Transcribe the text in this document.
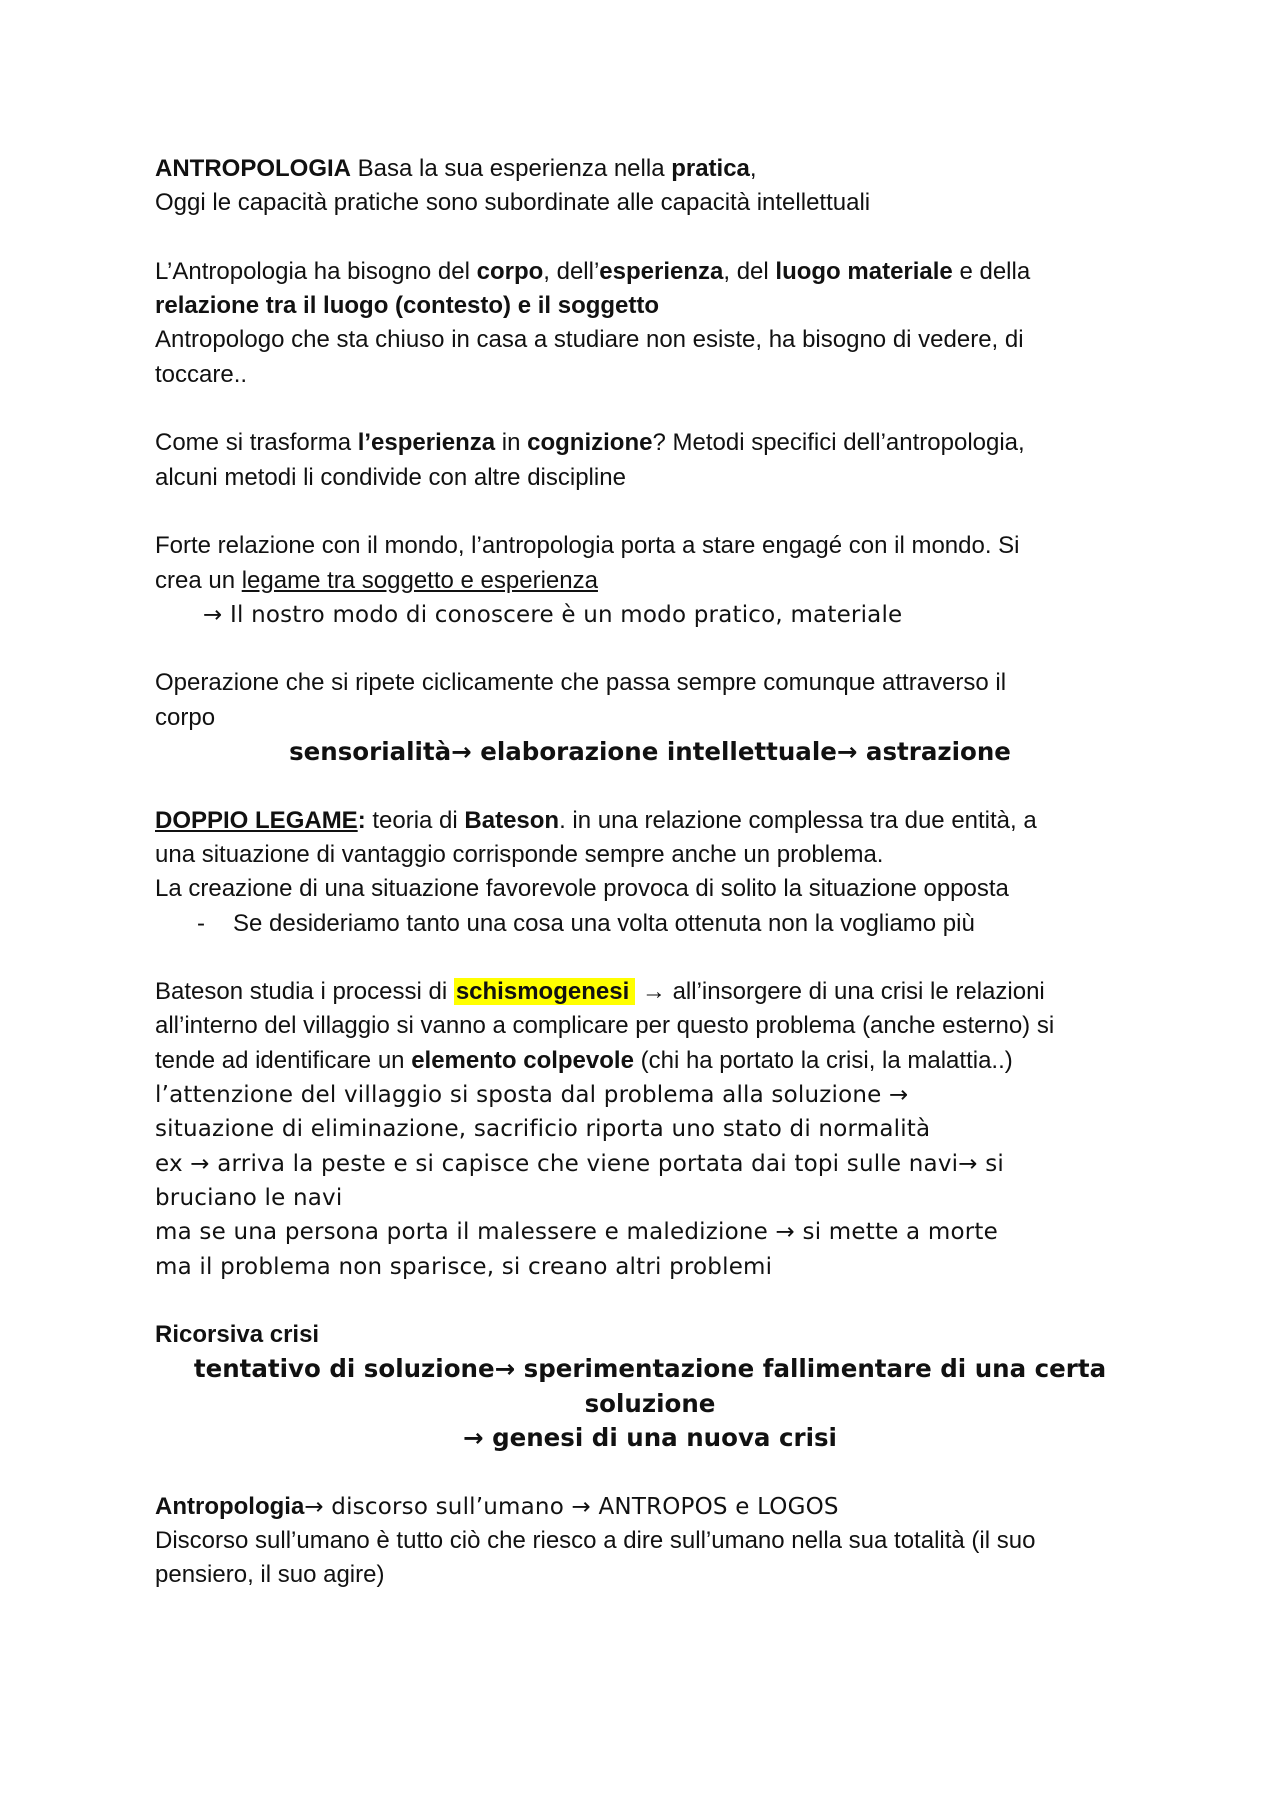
ANTROPOLOGIA Basa la sua esperienza nella pratica,
Oggi le capacità pratiche sono subordinate alle capacità intellettuali
L’Antropologia ha bisogno del corpo, dell’esperienza, del luogo materiale e della
relazione tra il luogo (contesto) e il soggetto
Antropologo che sta chiuso in casa a studiare non esiste, ha bisogno di vedere, di
toccare..
Come si trasforma l’esperienza in cognizione? Metodi specifici dell’antropologia,
alcuni metodi li condivide con altre discipline
Forte relazione con il mondo, l’antropologia porta a stare engagé con il mondo. Si
crea un legame tra soggetto e esperienza
→ Il nostro modo di conoscere è un modo pratico, materiale
Operazione che si ripete ciclicamente che passa sempre comunque attraverso il
corpo
sensorialità→ elaborazione intellettuale→ astrazione
DOPPIO LEGAME: teoria di Bateson. in una relazione complessa tra due entità, a
una situazione di vantaggio corrisponde sempre anche un problema.
La creazione di una situazione favorevole provoca di solito la situazione opposta
- Se desideriamo tanto una cosa una volta ottenuta non la vogliamo più
Bateson studia i processi di schismogenesi → all’insorgere di una crisi le relazioni
all’interno del villaggio si vanno a complicare per questo problema (anche esterno) si
tende ad identificare un elemento colpevole (chi ha portato la crisi, la malattia..)
l’attenzione del villaggio si sposta dal problema alla soluzione →
situazione di eliminazione, sacrificio riporta uno stato di normalità
ex → arriva la peste e si capisce che viene portata dai topi sulle navi→ si
bruciano le navi
ma se una persona porta il malessere e maledizione → si mette a morte
ma il problema non sparisce, si creano altri problemi
Ricorsiva crisi
tentativo di soluzione→ sperimentazione fallimentare di una certa
soluzione
→ genesi di una nuova crisi
Antropologia→ discorso sull’umano → ANTROPOS e LOGOS
Discorso sull’umano è tutto ciò che riesco a dire sull’umano nella sua totalità (il suo
pensiero, il suo agire)
